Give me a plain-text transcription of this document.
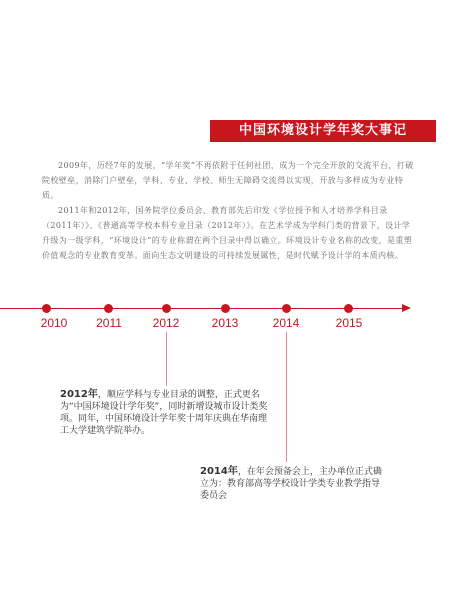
中国环境设计学年奖大事记

2009年，历经7年的发展，“学年奖”不再依附于任何社团，成为一个完全开放的交流平台，打破院校壁垒，消除门户壁垒，学科、专业、学校、师生无障碍交流得以实现，开放与多样成为专业特质。

2011年和2012年，国务院学位委员会、教育部先后印发《学位授予和人才培养学科目录（2011年）》、《普通高等学校本科专业目录（2012年）》。在艺术学成为学科门类的背景下，设计学升级为一级学科，“环境设计”的专业称谓在两个目录中得以确立。环境设计专业名称的改变，是重塑价值观念的专业教育变革。面向生态文明建设的可持续发展属性，是时代赋予设计学的本质内核。

2010	2011	2012	2013	2014	2015
2012年，顺应学科与专业目录的调整，正式更名为“中国环境设计学年奖”，同时新增设城市设计类奖项。同年，中国环境设计学年奖十周年庆典在华南理工大学建筑学院举办。
2014年，在年会预备会上，主办单位正式确立为：教育部高等学校设计学类专业教学指导委员会
